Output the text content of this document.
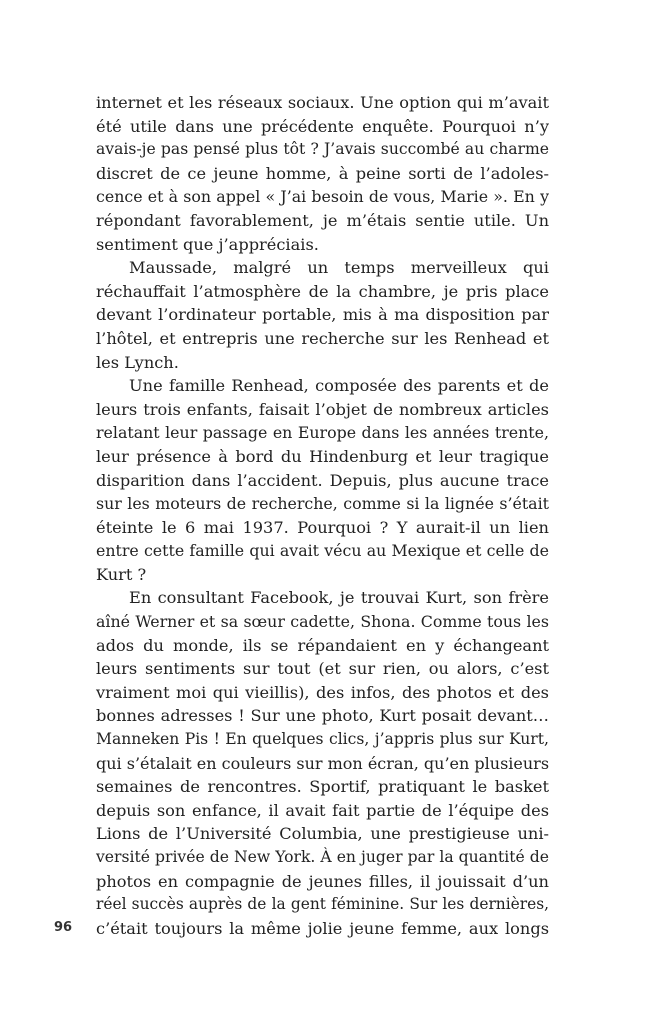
internet et les réseaux sociaux. Une option qui m’avait
été utile dans une précédente enquête. Pourquoi n’y
avais-je pas pensé plus tôt ? J’avais succombé au charme
discret de ce jeune homme, à peine sorti de l’adoles-
cence et à son appel « J’ai besoin de vous, Marie ». En y
répondant favorablement, je m’étais sentie utile. Un
sentiment que j’appréciais.
Maussade, malgré un temps merveilleux qui
réchauffait l’atmosphère de la chambre, je pris place
devant l’ordinateur portable, mis à ma disposition par
l’hôtel, et entrepris une recherche sur les Renhead et
les Lynch.
Une famille Renhead, composée des parents et de
leurs trois enfants, faisait l’objet de nombreux articles
relatant leur passage en Europe dans les années trente,
leur présence à bord du Hindenburg et leur tragique
disparition dans l’accident. Depuis, plus aucune trace
sur les moteurs de recherche, comme si la lignée s’était
éteinte le 6 mai 1937. Pourquoi ? Y aurait-il un lien
entre cette famille qui avait vécu au Mexique et celle de
Kurt ?
En consultant Facebook, je trouvai Kurt, son frère
aîné Werner et sa sœur cadette, Shona. Comme tous les
ados du monde, ils se répandaient en y échangeant
leurs sentiments sur tout (et sur rien, ou alors, c’est
vraiment moi qui vieillis), des infos, des photos et des
bonnes adresses ! Sur une photo, Kurt posait devant…
Manneken Pis ! En quelques clics, j’appris plus sur Kurt,
qui s’étalait en couleurs sur mon écran, qu’en plusieurs
semaines de rencontres. Sportif, pratiquant le basket
depuis son enfance, il avait fait partie de l’équipe des
Lions de l’Université Columbia, une prestigieuse uni-
versité privée de New York. À en juger par la quantité de
photos en compagnie de jeunes filles, il jouissait d’un
réel succès auprès de la gent féminine. Sur les dernières,
c’était toujours la même jolie jeune femme, aux longs
96
